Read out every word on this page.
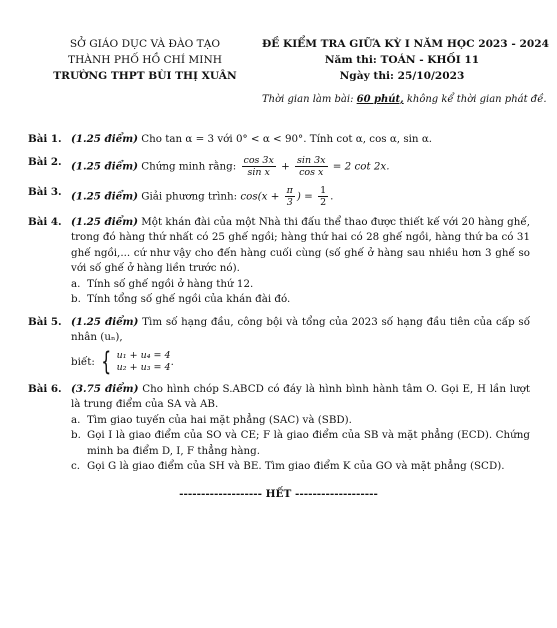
SỞ GIÁO DỤC VÀ ĐÀO TẠO
THÀNH PHỐ HỒ CHÍ MINH
TRƯỜNG THPT BÙI THỊ XUÂN
ĐỀ KIỂM TRA GIỮA KỲ I NĂM HỌC 2023 - 2024
Năm thi: TOÁN - KHỐI 11
Ngày thi: 25/10/2023
Thời gian làm bài: 60 phút, không kể thời gian phát đề.
Bài 1. (1.25 điểm) Cho tan α = 3 với 0° < α < 90°. Tính cot α, cos α, sin α.
Bài 2. (1.25 điểm) Chứng minh rằng: $\frac{\cos 3x}{\text{sin x}} + \frac{\sin 3x}{\text{cos x}} = 2$ cot 2x.
Bài 3. (1.25 điểm) Giải phương trình: $\cos(x + \frac{\pi}{3}$ ) = $\frac{1}{2}$ .
Bài 4. (1.25 điểm) Một khán đài của một Nhà thi đấu thể thao được thiết kế với 20 hàng ghế, trong đó hàng thứ nhất có 25 ghế ngồi; hàng thứ hai có 28 ghế ngồi, hàng thứ ba có 31 ghế ngồi,... cứ như vậy cho đến hàng cuối cùng (số ghế ở hàng sau nhiều hơn 3 ghế so với số ghế ở hàng liền trước nó).
a. Tính số ghế ngồi ở hàng thứ 12.
b. Tính tổng số ghế ngồi của khán đài đó.
Bài 5. (1.25 điểm) Tìm số hạng đầu, công bội và tổng của 2023 số hạng đầu tiên của cấp số nhân (uₙ),
biết: { u₁ + u₄ = 4
u₂ + u₃ = 4 .
Bài 6. (3.75 điểm) Cho hình chóp S.ABCD có đáy là hình bình hành tâm O. Gọi E, H lần lượt là trung điểm của SA và AB.
a. Tìm giao tuyến của hai mặt phẳng (SAC) và (SBD).
b. Gọi I là giao điểm của SO và CE; F là giao điểm của SB và mặt phẳng (ECD). Chứng minh ba điểm D, I, F thẳng hàng.
c. Gọi G là giao điểm của SH và BE. Tìm giao điểm K của GO và mặt phẳng (SCD).
------------------- HẾT -------------------
